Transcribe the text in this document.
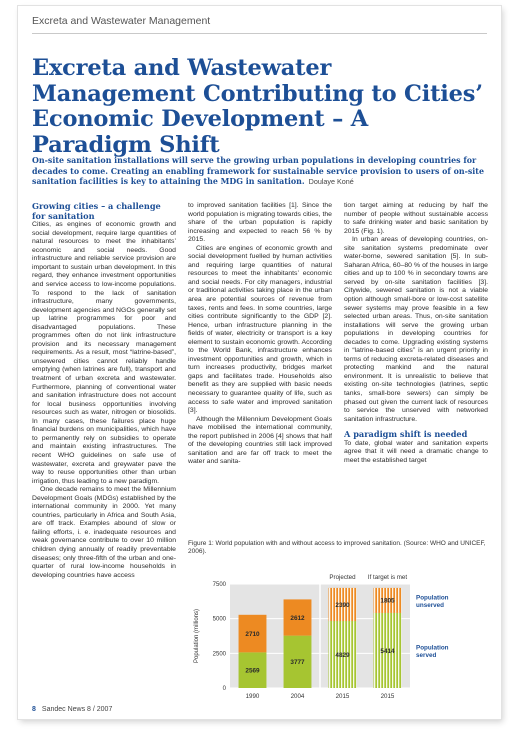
Excreta and Wastewater Management
Excreta and Wastewater Management Contributing to Cities’ Economic Development – A Paradigm Shift

On-site sanitation installations will serve the growing urban populations in developing countries for decades to come. Creating an enabling framework for sustainable service provision to users of on-site sanitation facilities is key to attaining the MDG in sanitation. Doulaye Koné

Growing cities – a challenge for sanitation

Cities, as engines of economic growth and social development, require large quantities of natural resources to meet the inhabitants’ economic and social needs. Good infrastructure and reliable service provision are important to sustain urban development. In this regard, they enhance investment opportunities and service access to low-income populations. To respond to the lack of sanitation infrastructure, many governments, development agencies and NGOs generally set up latrine programmes for poor and disadvantaged populations. These programmes often do not link infrastructure provision and its necessary management requirements. As a result, most “latrine-based”, unsewered cities cannot reliably handle emptying (when latrines are full), transport and treatment of urban excreta and wastewater. Furthermore, planning of conventional water and sanitation infrastructure does not account for local business opportunities involving resources such as water, nitrogen or biosolids. In many cases, these failures place huge financial burdens on municipalities, which have to permanently rely on subsidies to operate and maintain existing infrastructures. The recent WHO guidelines on safe use of wastewater, excreta and greywater pave the way to reuse opportunities other than urban irrigation, thus leading to a new paradigm.

One decade remains to meet the Millennium Development Goals (MDGs) established by the international community in 2000. Yet many countries, particularly in Africa and South Asia, are off track. Examples abound of slow or failing efforts, i. e. inadequate resources and weak governance contribute to over 10 million children dying annually of readily preventable diseases; only three-fifth of the urban and one-quarter of rural low-income households in developing countries have access

to improved sanitation facilities [1]. Since the world population is migrating towards cities, the share of the urban population is rapidly increasing and expected to reach 56 % by 2015.

Cities are engines of economic growth and social development fuelled by human activities and requiring large quantities of natural resources to meet the inhabitants’ economic and social needs. For city managers, industrial or traditional activities taking place in the urban area are potential sources of revenue from taxes, rents and fees. In some countries, large cities contribute significantly to the GDP [2]. Hence, urban infrastructure planning in the fields of water, electricity or transport is a key element to sustain economic growth. According to the World Bank, infrastructure enhances investment opportunities and growth, which in turn increases productivity, bridges market gaps and facilitates trade. Households also benefit as they are supplied with basic needs necessary to guarantee quality of life, such as access to safe water and improved sanitation [3].

Although the Millennium Development Goals have mobilised the international community, the report published in 2006 [4] shows that half of the developing countries still lack improved sanitation and are far off track to meet the water and sanita-

tion target aiming at reducing by half the number of people without sustainable access to safe drinking water and basic sanitation by 2015 (Fig. 1).

In urban areas of developing countries, on-site sanitation systems predominate over water-borne, sewered sanitation [5]. In sub-Saharan Africa, 60–80 % of the houses in large cities and up to 100 % in secondary towns are served by on-site sanitation facilities [3]. Citywide, sewered sanitation is not a viable option although small-bore or low-cost satellite sewer systems may prove feasible in a few selected urban areas. Thus, on-site sanitation installations will serve the growing urban populations in developing countries for decades to come. Upgrading existing systems in “latrine-based cities” is an urgent priority in terms of reducing excreta-related diseases and protecting mankind and the natural environment. It is unrealistic to believe that existing on-site technologies (latrines, septic tanks, small-bore sewers) can simply be phased out given the current lack of resources to service the unserved with networked sanitation infrastructure.

A paradigm shift is needed

To date, global water and sanitation experts agree that it will need a dramatic change to meet the established target

Figure 1: World population with and without access to improved sanitation. (Source: WHO and UNICEF, 2006).

0
2500
5000
7500
Population (millions)
2569
2710
1990
3777
2612
2004
4829
2390
2015
Projected
5414
1805
2015
If target is met
Population
unserved
Population
served
8 Sandec News 8 / 2007
